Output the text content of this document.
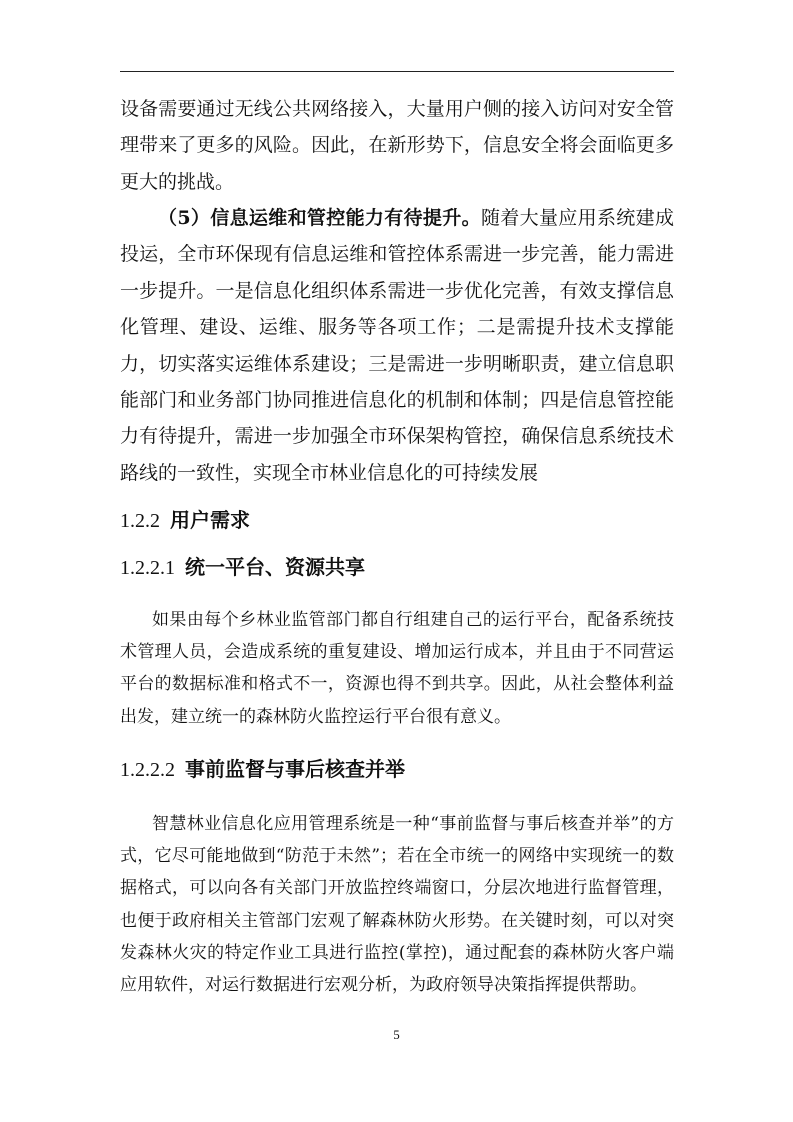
设备需要通过无线公共网络接入，大量用户侧的接入访问对安全管理带来了更多的风险。因此，在新形势下，信息安全将会面临更多更大的挑战。

（5）信息运维和管控能力有待提升。随着大量应用系统建成投运，全市环保现有信息运维和管控体系需进一步完善，能力需进一步提升。一是信息化组织体系需进一步优化完善，有效支撑信息化管理、建设、运维、服务等各项工作；二是需提升技术支撑能力，切实落实运维体系建设；三是需进一步明晰职责，建立信息职能部门和业务部门协同推进信息化的机制和体制；四是信息管控能力有待提升，需进一步加强全市环保架构管控，确保信息系统技术路线的一致性，实现全市林业信息化的可持续发展

1.2.2 用户需求
1.2.2.1 统一平台、资源共享

如果由每个乡林业监管部门都自行组建自己的运行平台，配备系统技术管理人员，会造成系统的重复建设、增加运行成本，并且由于不同营运平台的数据标准和格式不一，资源也得不到共享。因此，从社会整体利益出发，建立统一的森林防火监控运行平台很有意义。

1.2.2.2 事前监督与事后核查并举

智慧林业信息化应用管理系统是一种“事前监督与事后核查并举”的方式，它尽可能地做到“防范于未然”；若在全市统一的网络中实现统一的数据格式，可以向各有关部门开放监控终端窗口，分层次地进行监督管理，也便于政府相关主管部门宏观了解森林防火形势。在关键时刻，可以对突发森林火灾的特定作业工具进行监控(掌控)，通过配套的森林防火客户端应用软件，对运行数据进行宏观分析，为政府领导决策指挥提供帮助。

5
